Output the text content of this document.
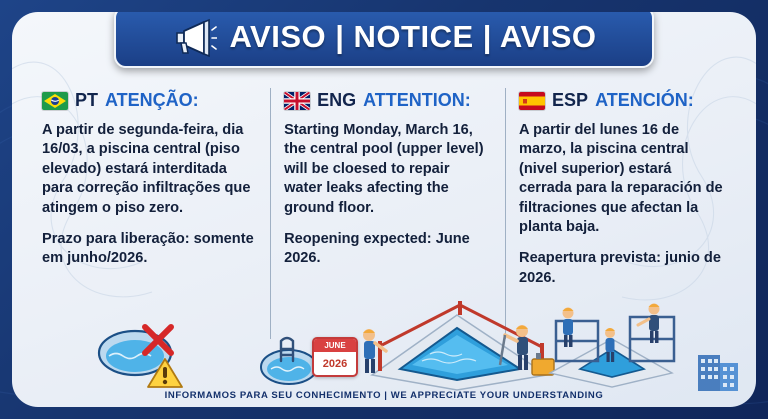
AVISO | NOTICE | AVISO
PT ATENÇÃO:

A partir de segunda-feira, dia 16/03, a piscina central (piso elevado) estará interditada para correção infiltrações que atingem o piso zero.

Prazo para liberação: somente em junho/2026.

ENG ATTENTION:

Starting Monday, March 16, the central pool (upper level) will be cloesed to repair water leaks afecting the ground floor.

Reopening expected: June 2026.

ESP ATENCIÓN:

A partir del lunes 16 de marzo, la piscina central (nivel superior) estará cerrada para la reparación de filtraciones que afectan la planta baja.

Reapertura prevista: junio de 2026.

JUNE
2026
INFORMAMOS PARA SEU CONHECIMENTO | WE APPRECIATE YOUR UNDERSTANDING
